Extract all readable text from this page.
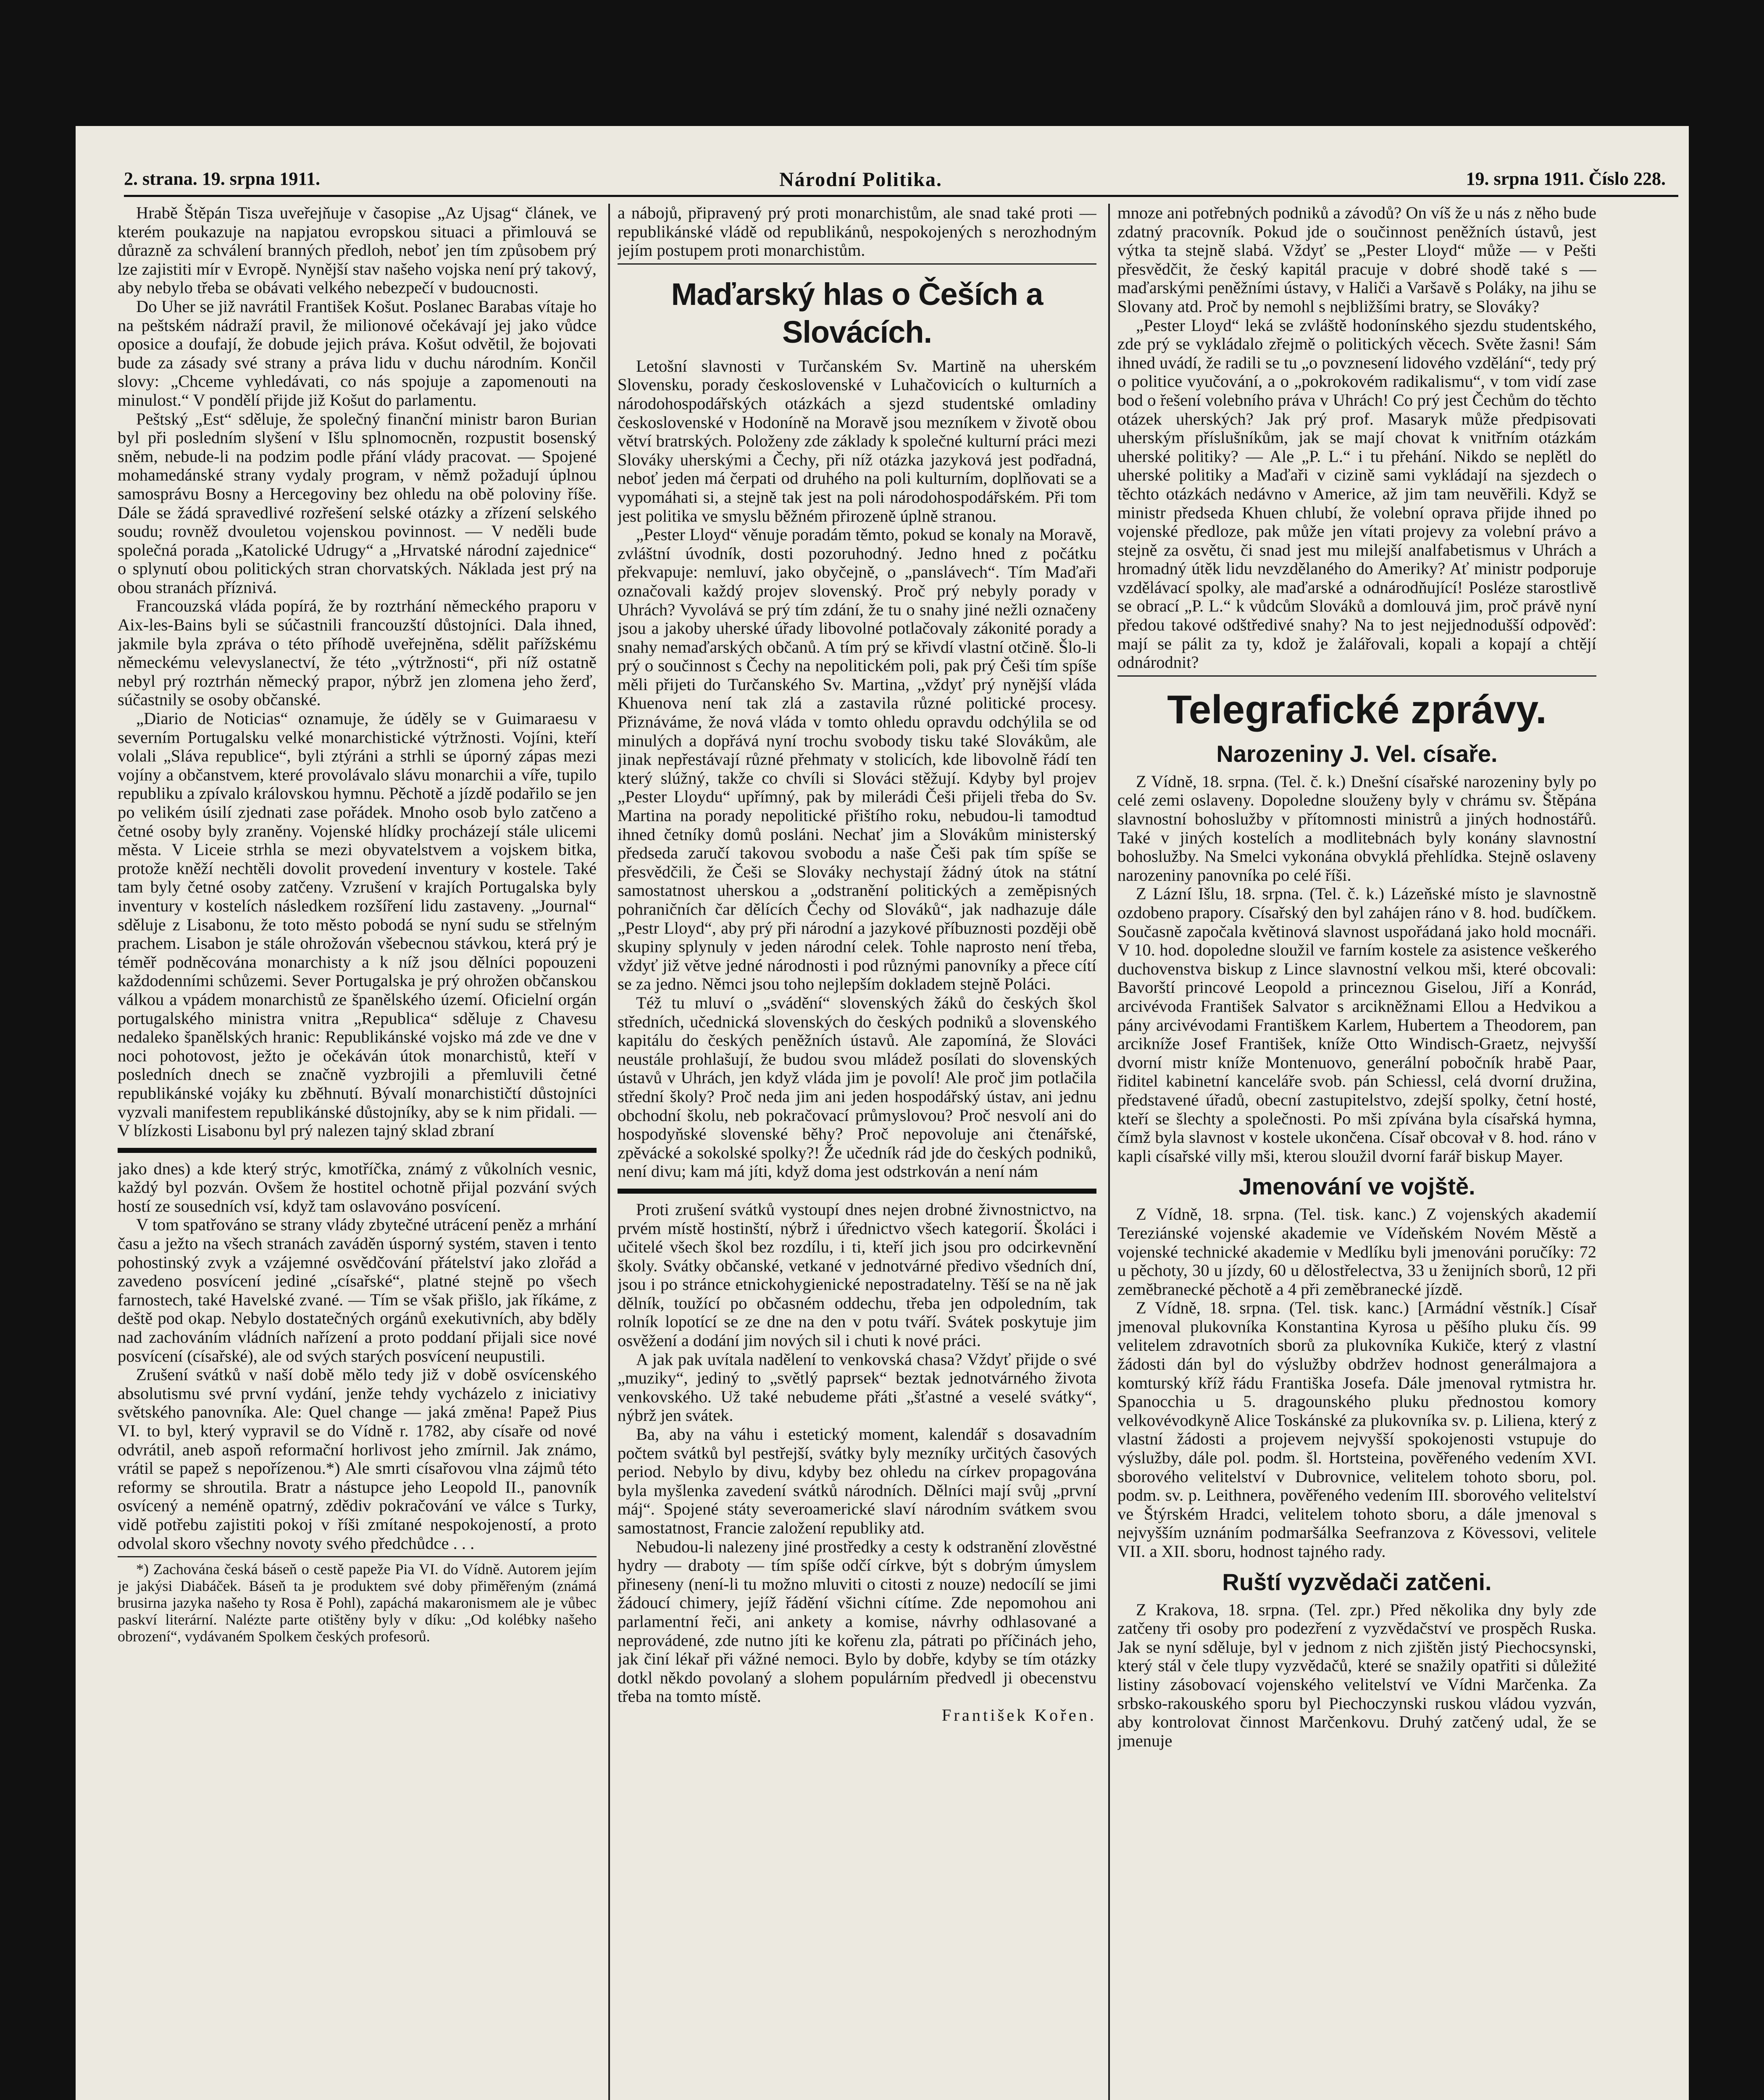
2. strana. 19. srpna 1911.	Národní Politika.	19. srpna 1911. Číslo 228.

Hrabě Štěpán Tisza uveřejňuje v časopise „Az Ujsag“ článek, ve kterém poukazuje na napjatou evropskou situaci a přimlouvá se důrazně za schválení branných předloh, neboť jen tím způsobem prý lze zajistiti mír v Evropě. Nynější stav našeho vojska není prý takový, aby nebylo třeba se obávati velkého nebezpečí v budoucnosti.

Do Uher se již navrátil František Košut. Poslanec Barabas vítaje ho na peštském nádraží pravil, že milionové očekávají jej jako vůdce oposice a doufají, že dobude jejich práva. Košut odvětil, že bojovati bude za zásady své strany a práva lidu v duchu národním. Končil slovy: „Chceme vyhledávati, co nás spojuje a zapomenouti na minulost.“ V pondělí přijde již Košut do parlamentu.

Peštský „Est“ sděluje, že společný finanční ministr baron Burian byl při posledním slyšení v Išlu splnomocněn, rozpustit bosenský sněm, nebude-li na podzim podle přání vlády pracovat. — Spojené mohamedánské strany vydaly program, v němž požadují úplnou samosprávu Bosny a Hercegoviny bez ohledu na obě poloviny říše. Dále se žádá spravedlivé rozřešení selské otázky a zřízení selského soudu; rovněž dvouletou vojenskou povinnost. — V neděli bude společná porada „Katolické Udrugy“ a „Hrvatské národní zajednice“ o splynutí obou politických stran chorvatských. Náklada jest prý na obou stranách příznivá.

Francouzská vláda popírá, že by roztrhání německého praporu v Aix-les-Bains byli se súčastnili francouzští důstojníci. Dala ihned, jakmile byla zpráva o této příhodě uveřejněna, sdělit pařížskému německému velevyslanectví, že této „výtržnosti“, při níž ostatně nebyl prý roztrhán německý prapor, nýbrž jen zlomena jeho žerď, súčastnily se osoby občanské.

„Diario de Noticias“ oznamuje, že úděly se v Guimaraesu v severním Portugalsku velké monarchistické výtržnosti. Vojíni, kteří volali „Sláva republice“, byli ztýráni a strhli se úporný zápas mezi vojíny a občanstvem, které provolávalo slávu monarchii a víře, tupilo republiku a zpívalo královskou hymnu. Pěchotě a jízdě podařilo se jen po velikém úsilí zjednati zase pořádek. Mnoho osob bylo zatčeno a četné osoby byly zraněny. Vojenské hlídky procházejí stále ulicemi města. V Liceie strhla se mezi obyvatelstvem a vojskem bitka, protože kněží nechtěli dovolit provedení inventury v kostele. Také tam byly četné osoby zatčeny. Vzrušení v krajích Portugalska byly inventury v kostelích následkem rozšíření lidu zastaveny. „Journal“ sděluje z Lisabonu, že toto město pobodá se nyní sudu se střelným prachem. Lisabon je stále ohrožován všebecnou stávkou, která prý je téměř podněcována monarchisty a k níž jsou dělníci popouzeni každodenními schůzemi. Sever Portugalska je prý ohrožen občanskou válkou a vpádem monarchistů ze španělského území. Oficielní orgán portugalského ministra vnitra „Republica“ sděluje z Chavesu nedaleko španělských hranic: Republikánské vojsko má zde ve dne v noci pohotovost, ježto je očekáván útok monarchistů, kteří v posledních dnech se značně vyzbrojili a přemluvili četné republikánské vojáky ku zběhnutí. Bývalí monarchističtí důstojníci vyzvali manifestem republikánské důstojníky, aby se k nim přidali. — V blízkosti Lisabonu byl prý nalezen tajný sklad zbraní

jako dnes) a kde který strýc, kmotříčka, známý z vůkolních vesnic, každý byl pozván. Ovšem že hostitel ochotně přijal pozvání svých hostí ze sousedních vsí, když tam oslavováno posvícení.

V tom spatřováno se strany vlády zbytečné utrácení peněz a mrhání času a ježto na všech stranách zaváděn úsporný systém, staven i tento pohostinský zvyk a vzájemné osvědčování přátelství jako zlořád a zavedeno posvícení jediné „císařské“, platné stejně po všech farnostech, také Havelské zvané. — Tím se však přišlo, jak říkáme, z deště pod okap. Nebylo dostatečných orgánů exekutivních, aby bděly nad zachováním vládních nařízení a proto poddaní přijali sice nové posvícení (císařské), ale od svých starých posvícení neupustili.

Zrušení svátků v naší době mělo tedy již v době osvícenského absolutismu své první vydání, jenže tehdy vycházelo z iniciativy světského panovníka. Ale: Quel change — jaká změna! Papež Pius VI. to byl, který vypravil se do Vídně r. 1782, aby císaře od nové odvrátil, aneb aspoň reformační horlivost jeho zmírnil. Jak známo, vrátil se papež s nepořízenou.*) Ale smrti císařovou vlna zájmů této reformy se shroutila. Bratr a nástupce jeho Leopold II., panovník osvícený a neméně opatrný, zdědiv pokračování ve válce s Turky, vidě potřebu zajistiti pokoj v říši zmítané nespokojeností, a proto odvolal skoro všechny novoty svého předchůdce . . .

*) Zachována česká báseň o cestě papeže Pia VI. do Vídně. Autorem jejím je jakýsi Diabáček. Báseň ta je produktem své doby přiměřeným (známá brusirna jazyka našeho ty Rosa ě Pohl), zapáchá makaronismem ale je vůbec paskví literární. Nalézte parte otištěny byly v díku: „Od kolébky našeho obrození“, vydávaném Spolkem českých profesorů.

a nábojů, připravený prý proti monarchistům, ale snad také proti — republikánské vládě od republikánů, nespokojených s nerozhodným jejím postupem proti monarchistům.

Maďarský hlas o Češích a Slovácích.

Letošní slavnosti v Turčanském Sv. Martině na uherském Slovensku, porady československé v Luhačovicích o kulturních a národohospodářských otázkách a sjezd studentské omladiny československé v Hodoníně na Moravě jsou mezníkem v životě obou větví bratrských. Položeny zde základy k společné kulturní práci mezi Slováky uherskými a Čechy, při níž otázka jazyková jest podřadná, neboť jeden má čerpati od druhého na poli kulturním, doplňovati se a vypomáhati si, a stejně tak jest na poli národohospodářském. Při tom jest politika ve smyslu běžném přirozeně úplně stranou.

„Pester Lloyd“ věnuje poradám těmto, pokud se konaly na Moravě, zvláštní úvodník, dosti pozoruhodný. Jedno hned z počátku překvapuje: nemluví, jako obyčejně, o „panslávech“. Tím Maďaři označovali každý projev slovenský. Proč prý nebyly porady v Uhrách? Vyvolává se prý tím zdání, že tu o snahy jiné nežli označeny jsou a jakoby uherské úřady libovolné potlačovaly zákonité porady a snahy nemaďarských občanů. A tím prý se křivdí vlastní otčině. Šlo-li prý o součinnost s Čechy na nepolitickém poli, pak prý Češi tím spíše měli přijeti do Turčanského Sv. Martina, „vždyť prý nynější vláda Khuenova není tak zlá a zastavila různé politické procesy. Přiznáváme, že nová vláda v tomto ohledu opravdu odchýlila se od minulých a dopřává nyní trochu svobody tisku také Slovákům, ale jinak nepřestávají různé přehmaty v stolicích, kde libovolně řádí ten který slúžný, takže co chvíli si Slováci stěžují. Kdyby byl projev „Pester Lloydu“ upřímný, pak by milerádi Češi přijeli třeba do Sv. Martina na porady nepolitické přištího roku, nebudou-li tamodtud ihned četníky domů posláni. Nechať jim a Slovákům ministerský předseda zaručí takovou svobodu a naše Češi pak tím spíše se přesvědčili, že Češi se Slováky nechystají žádný útok na státní samostatnost uherskou a „odstranění politických a zeměpisných pohraničních čar dělících Čechy od Slováků“, jak nadhazuje dále „Pestr Lloyd“, aby prý při národní a jazykové příbuznosti později obě skupiny splynuly v jeden národní celek. Tohle naprosto není třeba, vždyť již větve jedné národnosti i pod různými panovníky a přece cítí se za jedno. Němci jsou toho nejlepším dokladem stejně Poláci.

Též tu mluví o „svádění“ slovenských žáků do českých škol středních, učednická slovenských do českých podniků a slovenského kapitálu do českých peněžních ústavů. Ale zapomíná, že Slováci neustále prohlašují, že budou svou mládež posílati do slovenských ústavů v Uhrách, jen když vláda jim je povolí! Ale proč jim potlačila střední školy? Proč neda jim ani jeden hospodářský ústav, ani jednu obchodní školu, neb pokračovací průmyslovou? Proč nesvolí ani do hospodyňské slovenské běhy? Proč nepovoluje ani čtenářské, zpěvácké a sokolské spolky?! Že učedník rád jde do českých podniků, není divu; kam má jíti, když doma jest odstrkován a není nám

Proti zrušení svátků vystoupí dnes nejen drobné živnostnictvo, na prvém místě hostinští, nýbrž i úřednictvo všech kategorií. Školáci i učitelé všech škol bez rozdílu, i ti, kteří jich jsou pro odcirkevnění školy. Svátky občanské, vetkané v jednotvárné předivo všedních dní, jsou i po stránce etnickohygienické nepostradatelny. Těší se na ně jak dělník, toužící po občasném oddechu, třeba jen odpoledním, tak rolník lopotící se ze dne na den v potu tváří. Svátek poskytuje jim osvěžení a dodání jim nových sil i chuti k nové práci.

A jak pak uvítala nadělení to venkovská chasa? Vždyť přijde o své „muziky“, jediný to „světlý paprsek“ beztak jednotvárného života venkovského. Už také nebudeme přáti „šťastné a veselé svátky“, nýbrž jen svátek.

Ba, aby na váhu i estetický moment, kalendář s dosavadním počtem svátků byl pestřejší, svátky byly mezníky určitých časových period. Nebylo by divu, kdyby bez ohledu na církev propagována byla myšlenka zavedení svátků národních. Dělníci mají svůj „první máj“. Spojené státy severoamerické slaví národním svátkem svou samostatnost, Francie založení republiky atd.

Nebudou-li nalezeny jiné prostředky a cesty k odstranění zlověstné hydry — draboty — tím spíše odčí církve, být s dobrým úmyslem přineseny (není-li tu možno mluviti o citosti z nouze) nedocílí se jimi žádoucí chimery, jejíž řádění všichni cítíme. Zde nepomohou ani parlamentní řeči, ani ankety a komise, návrhy odhlasované a neprovádené, zde nutno jíti ke kořenu zla, pátrati po příčinách jeho, jak činí lékař při vážné nemoci. Bylo by dobře, kdyby se tím otázky dotkl někdo povolaný a slohem populárním předvedl ji obecenstvu třeba na tomto místě.

František Kořen.

mnoze ani potřebných podniků a závodů? On víš že u nás z něho bude zdatný pracovník. Pokud jde o součinnost peněžních ústavů, jest výtka ta stejně slabá. Vždyť se „Pester Lloyd“ může — v Pešti přesvědčit, že český kapitál pracuje v dobré shodě také s — maďarskými peněžními ústavy, v Haliči a Varšavě s Poláky, na jihu se Slovany atd. Proč by nemohl s nejbližšími bratry, se Slováky?

„Pester Lloyd“ leká se zvláště hodonínského sjezdu studentského, zde prý se vykládalo zřejmě o politických věcech. Světe žasni! Sám ihned uvádí, že radili se tu „o povznesení lidového vzdělání“, tedy prý o politice vyučování, a o „pokrokovém radikalismu“, v tom vidí zase bod o řešení volebního práva v Uhrách! Co prý jest Čechům do těchto otázek uherských? Jak prý prof. Masaryk může předpisovati uherským příslušníkům, jak se mají chovat k vnitřním otázkám uherské politiky? — Ale „P. L.“ i tu přehání. Nikdo se neplětl do uherské politiky a Maďaři v cizině sami vykládají na sjezdech o těchto otázkách nedávno v Americe, až jim tam neuvěřili. Když se ministr předseda Khuen chlubí, že volební oprava přijde ihned po vojenské předloze, pak může jen vítati projevy za volební právo a stejně za osvětu, či snad jest mu milejší analfabetismus v Uhrách a hromadný útěk lidu nevzdělaného do Ameriky? Ať ministr podporuje vzdělávací spolky, ale maďarské a odnárodňující! Posléze starostlivě se obrací „P. L.“ k vůdcům Slováků a domlouvá jim, proč právě nyní předou takové odštředivé snahy? Na to jest nejjednodušší odpověď: mají se pálit za ty, kdož je žalářovali, kopali a kopají a chtějí odnárodnit?

Telegrafické zprávy.
Narozeniny J. Vel. císaře.

Z Vídně, 18. srpna. (Tel. č. k.) Dnešní císařské narozeniny byly po celé zemi oslaveny. Dopoledne slouženy byly v chrámu sv. Štěpána slavnostní bohoslužby v přítomnosti ministrů a jiných hodnostářů. Také v jiných kostelích a modlitebnách byly konány slavnostní bohoslužby. Na Smelci vykonána obvyklá přehlídka. Stejně oslaveny narozeniny panovníka po celé říši.

Z Lázní Išlu, 18. srpna. (Tel. č. k.) Lázeňské místo je slavnostně ozdobeno prapory. Císařský den byl zahájen ráno v 8. hod. budíčkem. Současně započala květinová slavnost uspořádaná jako hold mocnáři. V 10. hod. dopoledne sloužil ve farním kostele za asistence veškerého duchovenstva biskup z Lince slavnostní velkou mši, které obcovali: Bavorští princové Leopold a princeznou Giselou, Jiří a Konrád, arcivévoda František Salvator s arcikněžnami Ellou a Hedvikou a pány arcivévodami Františkem Karlem, Hubertem a Theodorem, pan arcikníže Josef František, kníže Otto Windisch-Graetz, nejvyšší dvorní mistr kníže Montenuovo, generální pobočník hrabě Paar, řiditel kabinetní kanceláře svob. pán Schiessl, celá dvorní družina, představené úřadů, obecní zastupitelstvo, zdejší spolky, četní hosté, kteří se šlechty a společnosti. Po mši zpívána byla císařská hymna, čímž byla slavnost v kostele ukončena. Císař obcovał v 8. hod. ráno v kapli císařské villy mši, kterou sloužil dvorní farář biskup Mayer.

Jmenování ve vojště.

Z Vídně, 18. srpna. (Tel. tisk. kanc.) Z vojenských akademií Tereziánské vojenské akademie ve Vídeňském Novém Městě a vojenské technické akademie v Medlíku byli jmenováni poručíky: 72 u pěchoty, 30 u jízdy, 60 u dělostřelectva, 33 u ženijních sborů, 12 při zeměbranecké pěchotě a 4 při zeměbranecké jízdě.

Z Vídně, 18. srpna. (Tel. tisk. kanc.) [Armádní věstník.] Císař jmenoval plukovníka Konstantina Kyrosa u pěšího pluku čís. 99 velitelem zdravotních sborů za plukovníka Kukiče, který z vlastní žádosti dán byl do výslužby obdržev hodnost generálmajora a komturský kříž řádu Františka Josefa. Dále jmenoval rytmistra hr. Spanocchia u 5. dragounského pluku přednostou komory velkovévodkyně Alice Toskánské za plukovníka sv. p. Liliena, který z vlastní žádosti a projevem nejvyšší spokojenosti vstupuje do výslužby, dále pol. podm. šl. Hortsteina, pověřeného vedením XVI. sborového velitelství v Dubrovnice, velitelem tohoto sboru, pol. podm. sv. p. Leithnera, pověřeného vedením III. sborového velitelství ve Štýrském Hradci, velitelem tohoto sboru, a dále jmenoval s nejvyšším uznáním podmaršálka Seefranzova z Kövessovi, velitele VII. a XII. sboru, hodnost tajného rady.

Ruští vyzvědači zatčeni.

Z Krakova, 18. srpna. (Tel. zpr.) Před několika dny byly zde zatčeny tři osoby pro podezření z vyzvědačství ve prospěch Ruska. Jak se nyní sděluje, byl v jednom z nich zjištěn jistý Piechocsynski, který stál v čele tlupy vyzvědačů, které se snažily opatřiti si důležité listiny zásobovací vojenského velitelství ve Vídni Marčenka. Za srbsko-rakouského sporu byl Piechoczynski ruskou vládou vyzván, aby kontrolovat činnost Marčenkovu. Druhý zatčený udal, že se jmenuje
